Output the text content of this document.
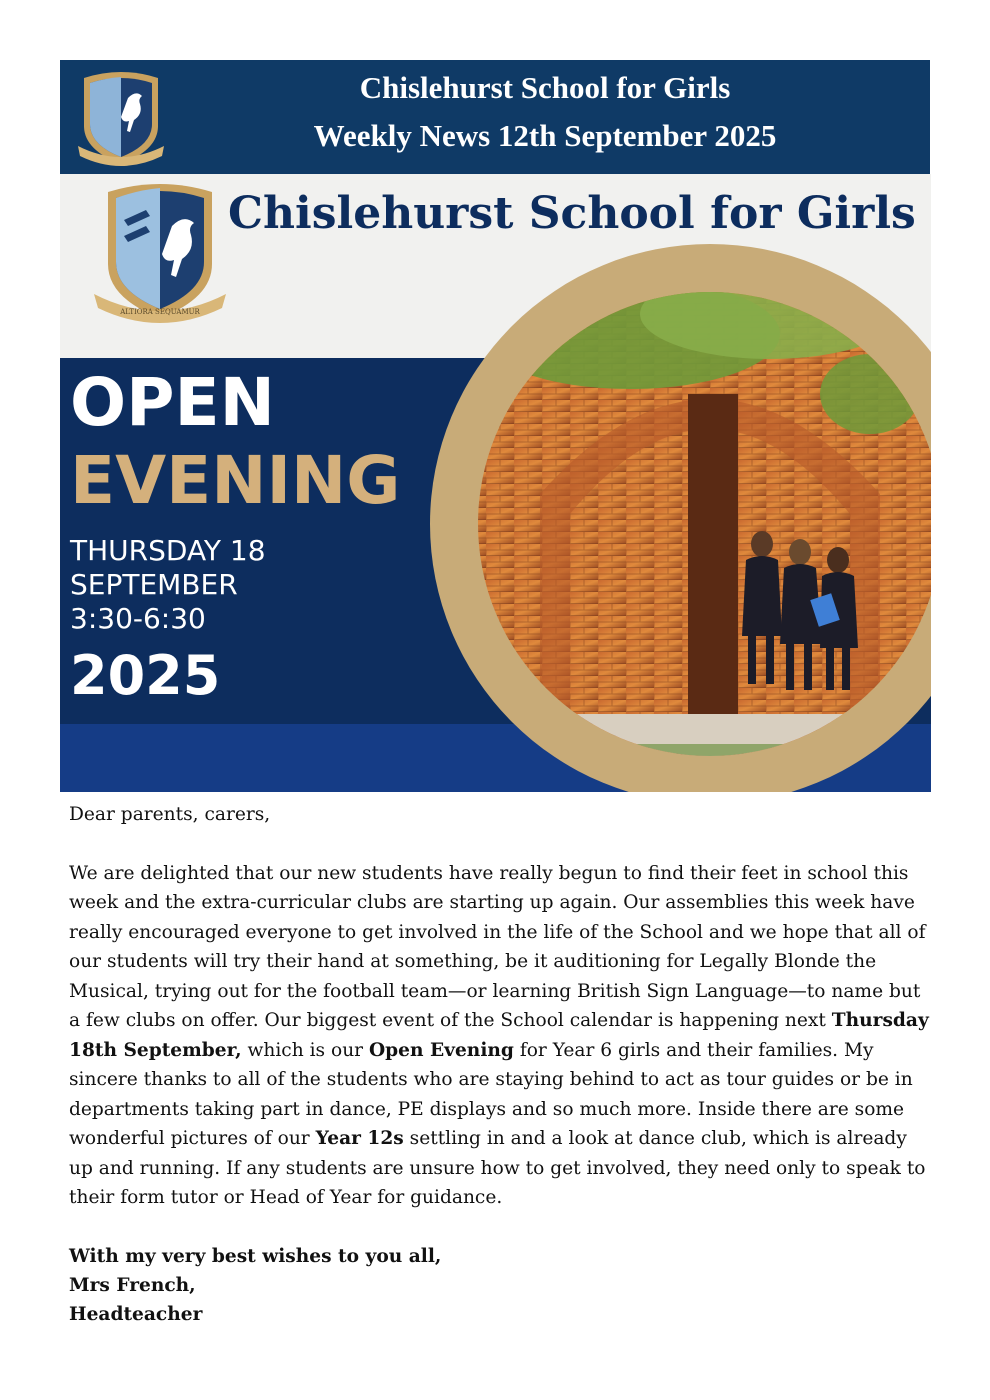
Chislehurst School for Girls
Weekly News 12th September 2025
ALTIORA SEQUAMUR
Chislehurst School for Girls
OPEN
EVENING
THURSDAY 18
SEPTEMBER
3:30-6:30
2025

Dear parents, carers,

We are delighted that our new students have really begun to find their feet in school this week and the extra-curricular clubs are starting up again. Our assemblies this week have really encouraged everyone to get involved in the life of the School and we hope that all of our students will try their hand at something, be it auditioning for Legally Blonde the Musical, trying out for the football team—or learning British Sign Language—to name but a few clubs on offer. Our biggest event of the School calendar is happening next Thursday 18th September, which is our Open Evening for Year 6 girls and their families. My sincere thanks to all of the students who are staying behind to act as tour guides or be in departments taking part in dance, PE displays and so much more. Inside there are some wonderful pictures of our Year 12s settling in and a look at dance club, which is already up and running. If any students are unsure how to get involved, they need only to speak to their form tutor or Head of Year for guidance.

With my very best wishes to you all,
Mrs French,
Headteacher
